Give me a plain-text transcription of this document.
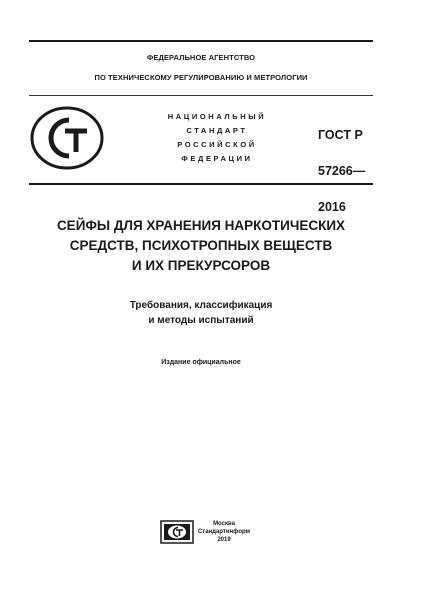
ФЕДЕРАЛЬНОЕ АГЕНТСТВО
ПО ТЕХНИЧЕСКОМУ РЕГУЛИРОВАНИЮ И МЕТРОЛОГИИ
НАЦИОНАЛЬНЫЙ
СТАНДАРТ
РОССИЙСКОЙ
ФЕДЕРАЦИИ

ГОСТ Р

57266—

2016

СЕЙФЫ ДЛЯ ХРАНЕНИЯ НАРКОТИЧЕСКИХ
СРЕДСТВ, ПСИХОТРОПНЫХ ВЕЩЕСТВ
И ИХ ПРЕКУРСОРОВ
Требования, классификация
и методы испытаний
Издание официальное
Москва
Стандартинформ
2019
